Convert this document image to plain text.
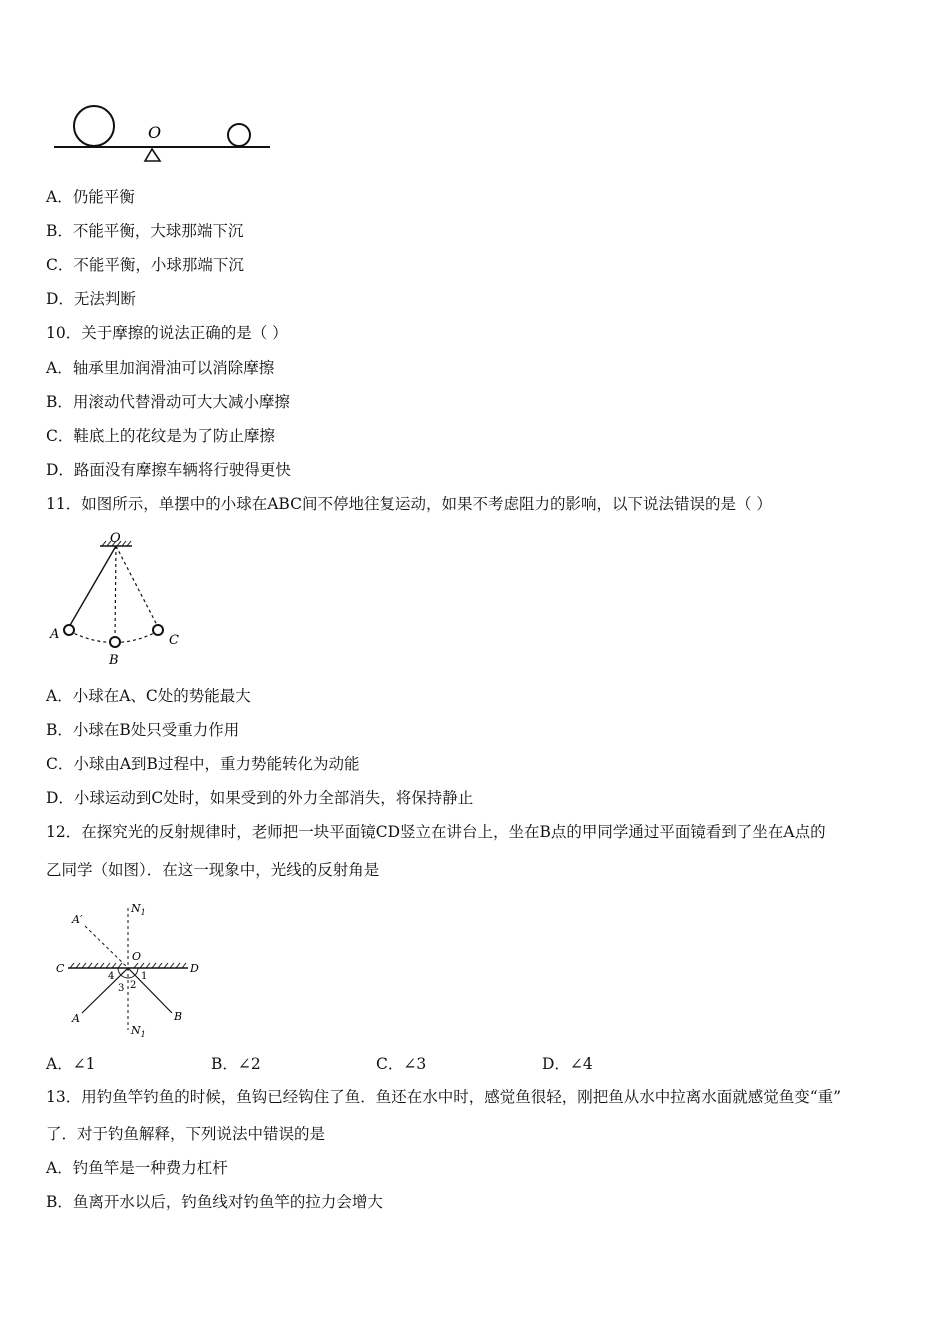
O
A．仍能平衡
B．不能平衡，大球那端下沉
C．不能平衡，小球那端下沉
D．无法判断
10．关于摩擦的说法正确的是（ ）
A．轴承里加润滑油可以消除摩擦
B．用滚动代替滑动可大大减小摩擦
C．鞋底上的花纹是为了防止摩擦
D．路面没有摩擦车辆将行驶得更快
11．如图所示，单摆中的小球在ABC间不停地往复运动，如果不考虑阻力的影响，以下说法错误的是（ ）
O
A
B
C
A．小球在A、C处的势能最大
B．小球在B处只受重力作用
C．小球由A到B过程中，重力势能转化为动能
D．小球运动到C处时，如果受到的外力全部消失，将保持静止
12．在探究光的反射规律时，老师把一块平面镜CD竖立在讲台上，坐在B点的甲同学通过平面镜看到了坐在A点的
乙同学（如图）．在这一现象中，光线的反射角是
A′
$N_1$
O
C	D
1
2
3
4
A	B
$N_1$
A．∠1	B．∠2	C．∠3	D．∠4
13．用钓鱼竿钓鱼的时候，鱼钩已经钩住了鱼．鱼还在水中时，感觉鱼很轻，刚把鱼从水中拉离水面就感觉鱼变“重”
了．对于钓鱼解释，下列说法中错误的是
A．钓鱼竿是一种费力杠杆
B．鱼离开水以后，钓鱼线对钓鱼竿的拉力会增大
